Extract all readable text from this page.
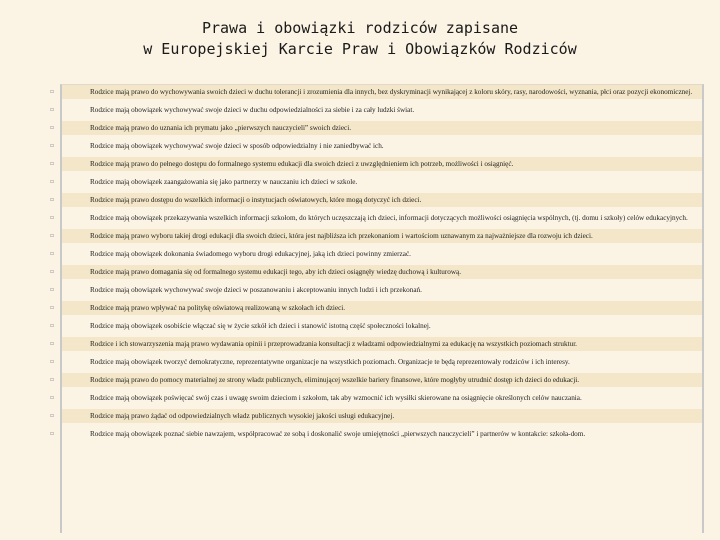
Prawa i obowiązki rodziców zapisane
w Europejskiej Karcie Praw i Obowiązków Rodziców
▫	Rodzice mają prawo do wychowywania swoich dzieci w duchu tolerancji i zrozumienia dla innych, bez dyskryminacji wynikającej z koloru skóry, rasy, narodowości, wyznania, płci oraz pozycji ekonomicznej.
▫	Rodzice mają obowiązek wychowywać swoje dzieci w duchu odpowiedzialności za siebie i za cały ludzki świat.
▫	Rodzice mają prawo do uznania ich prymatu jako „pierwszych nauczycieli” swoich dzieci.
▫	Rodzice mają obowiązek wychowywać swoje dzieci w sposób odpowiedzialny i nie zaniedbywać ich.
▫	Rodzice mają prawo do pełnego dostępu do formalnego systemu edukacji dla swoich dzieci z uwzględnieniem ich potrzeb, możliwości i osiągnięć.
▫	Rodzice mają obowiązek zaangażowania się jako partnerzy w nauczaniu ich dzieci w szkole.
▫	Rodzice mają prawo dostępu do wszelkich informacji o instytucjach oświatowych, które mogą dotyczyć ich dzieci.
▫	Rodzice mają obowiązek przekazywania wszelkich informacji szkołom, do których uczęszczają ich dzieci, informacji dotyczących możliwości osiągnięcia wspólnych, (tj. domu i szkoły) celów edukacyjnych.
▫	Rodzice mają prawo wyboru takiej drogi edukacji dla swoich dzieci, która jest najbliższa ich przekonaniom i wartościom uznawanym za najważniejsze dla rozwoju ich dzieci.
▫	Rodzice mają obowiązek dokonania świadomego wyboru drogi edukacyjnej, jaką ich dzieci powinny zmierzać.
▫	Rodzice mają prawo domagania się od formalnego systemu edukacji tego, aby ich dzieci osiągnęły wiedzę duchową i kulturową.
▫	Rodzice mają obowiązek wychowywać swoje dzieci w poszanowaniu i akceptowaniu innych ludzi i ich przekonań.
▫	Rodzice mają prawo wpływać na politykę oświatową realizowaną w szkołach ich dzieci.
▫	Rodzice mają obowiązek osobiście włączać się w życie szkół ich dzieci i stanowić istotną część społeczności lokalnej.
▫	Rodzice i ich stowarzyszenia mają prawo wydawania opinii i przeprowadzania konsultacji z władzami odpowiedzialnymi za edukację na wszystkich poziomach struktur.
▫	Rodzice mają obowiązek tworzyć demokratyczne, reprezentatywne organizacje na wszystkich poziomach. Organizacje te będą reprezentowały rodziców i ich interesy.
▫	Rodzice mają prawo do pomocy materialnej ze strony władz publicznych, eliminującej wszelkie bariery finansowe, które mogłyby utrudnić dostęp ich dzieci do edukacji.
▫	Rodzice mają obowiązek poświęcać swój czas i uwagę swoim dzieciom i szkołom, tak aby wzmocnić ich wysiłki skierowane na osiągnięcie określonych celów nauczania.
▫	Rodzice mają prawo żądać od odpowiedzialnych władz publicznych wysokiej jakości usługi edukacyjnej.
▫	Rodzice mają obowiązek poznać siebie nawzajem, współpracować ze sobą i doskonalić swoje umiejętności „pierwszych nauczycieli” i partnerów w kontakcie: szkoła-dom.
